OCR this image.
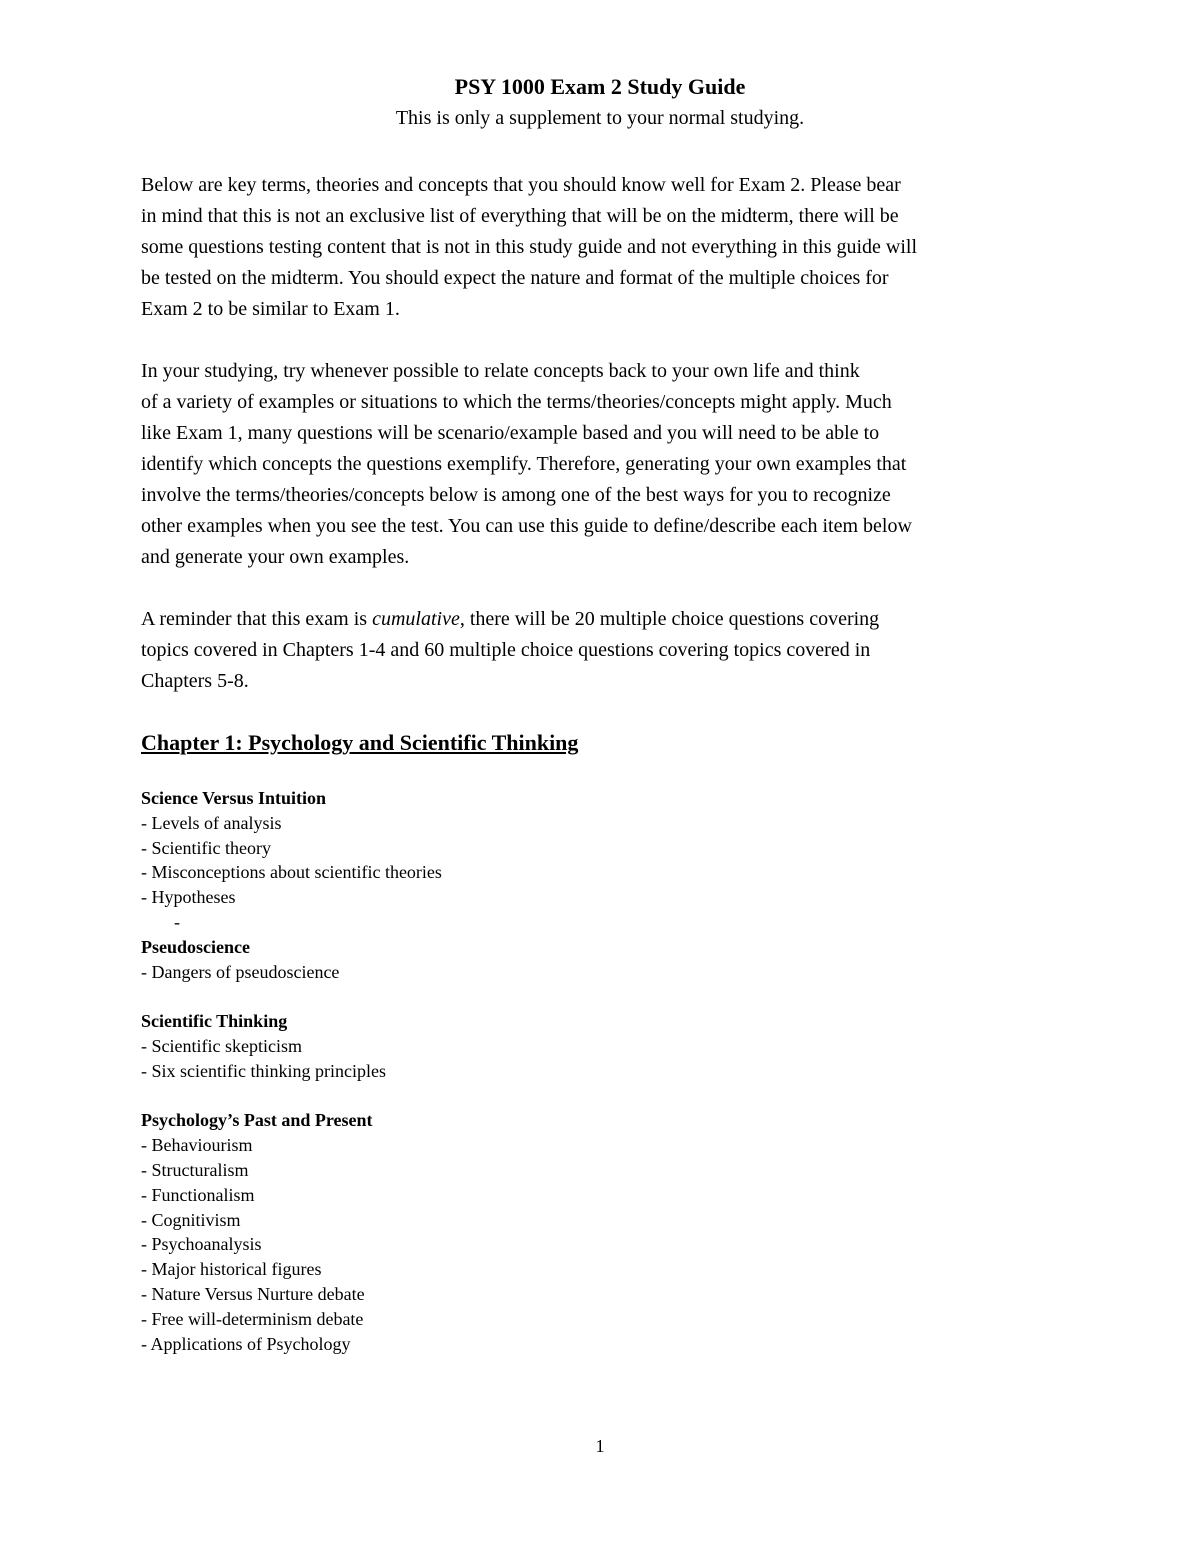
PSY 1000 Exam 2 Study Guide
This is only a supplement to your normal studying.
Below are key terms, theories and concepts that you should know well for Exam 2. Please bear
in mind that this is not an exclusive list of everything that will be on the midterm, there will be
some questions testing content that is not in this study guide and not everything in this guide will
be tested on the midterm. You should expect the nature and format of the multiple choices for
Exam 2 to be similar to Exam 1.
In your studying, try whenever possible to relate concepts back to your own life and think
of a variety of examples or situations to which the terms/theories/concepts might apply. Much
like Exam 1, many questions will be scenario/example based and you will need to be able to
identify which concepts the questions exemplify. Therefore, generating your own examples that
involve the terms/theories/concepts below is among one of the best ways for you to recognize
other examples when you see the test. You can use this guide to define/describe each item below
and generate your own examples.
A reminder that this exam is cumulative, there will be 20 multiple choice questions covering
topics covered in Chapters 1-4 and 60 multiple choice questions covering topics covered in
Chapters 5-8.
Chapter 1: Psychology and Scientific Thinking
Science Versus Intuition
- Levels of analysis
- Scientific theory
- Misconceptions about scientific theories
- Hypotheses
-
Pseudoscience
- Dangers of pseudoscience
Scientific Thinking
- Scientific skepticism
- Six scientific thinking principles
Psychology’s Past and Present
- Behaviourism
- Structuralism
- Functionalism
- Cognitivism
- Psychoanalysis
- Major historical figures
- Nature Versus Nurture debate
- Free will-determinism debate
- Applications of Psychology
1
